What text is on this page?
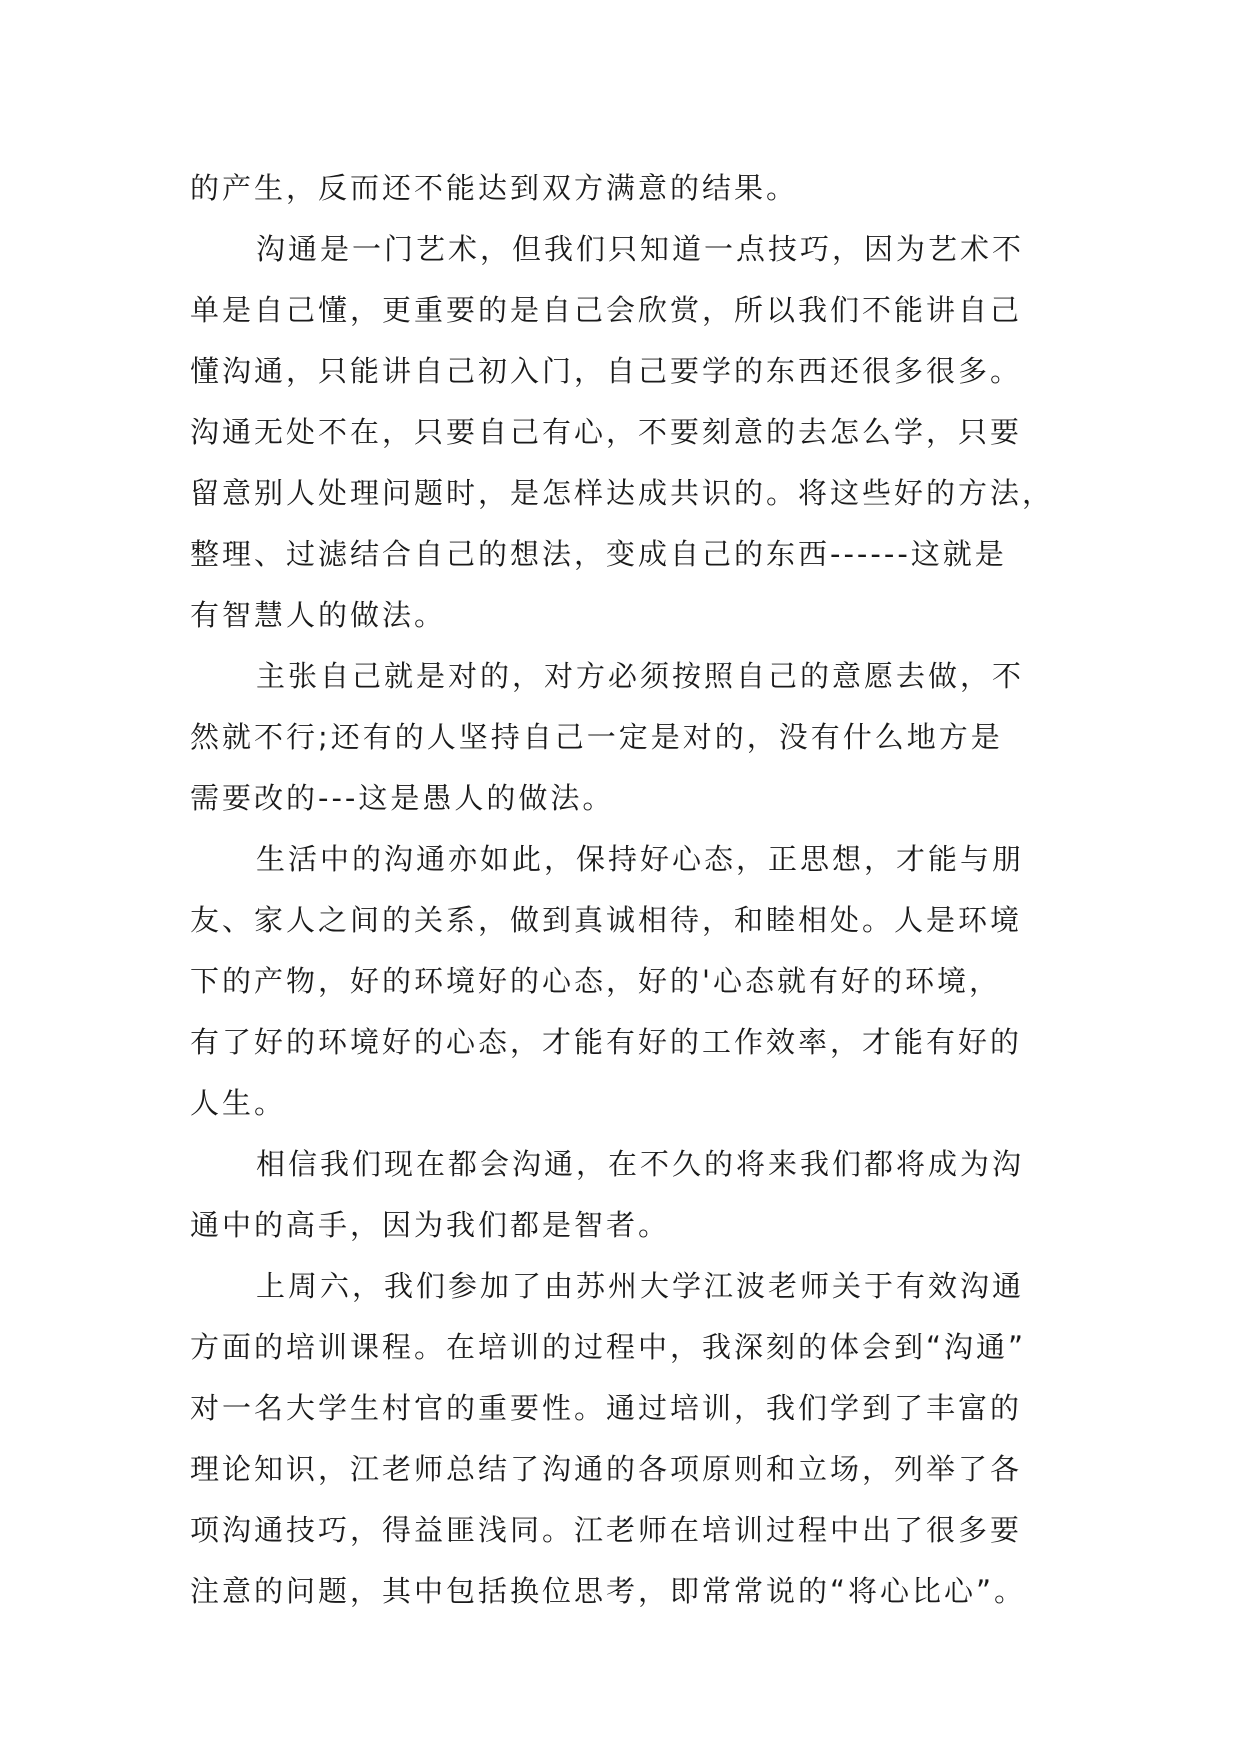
的产生，反而还不能达到双方满意的结果。
沟通是一门艺术，但我们只知道一点技巧，因为艺术不
单是自己懂，更重要的是自己会欣赏，所以我们不能讲自己
懂沟通，只能讲自己初入门，自己要学的东西还很多很多。
沟通无处不在，只要自己有心，不要刻意的去怎么学，只要
留意别人处理问题时，是怎样达成共识的。将这些好的方法，
整理、过滤结合自己的想法，变成自己的东西------这就是
有智慧人的做法。
主张自己就是对的，对方必须按照自己的意愿去做，不
然就不行;还有的人坚持自己一定是对的，没有什么地方是
需要改的---这是愚人的做法。
生活中的沟通亦如此，保持好心态，正思想，才能与朋
友、家人之间的关系，做到真诚相待，和睦相处。人是环境
下的产物，好的环境好的心态，好的'心态就有好的环境，
有了好的环境好的心态，才能有好的工作效率，才能有好的
人生。
相信我们现在都会沟通，在不久的将来我们都将成为沟
通中的高手，因为我们都是智者。
上周六，我们参加了由苏州大学江波老师关于有效沟通
方面的培训课程。在培训的过程中，我深刻的体会到“沟通”
对一名大学生村官的重要性。通过培训，我们学到了丰富的
理论知识，江老师总结了沟通的各项原则和立场，列举了各
项沟通技巧，得益匪浅同。江老师在培训过程中出了很多要
注意的问题，其中包括换位思考，即常常说的“将心比心”。
